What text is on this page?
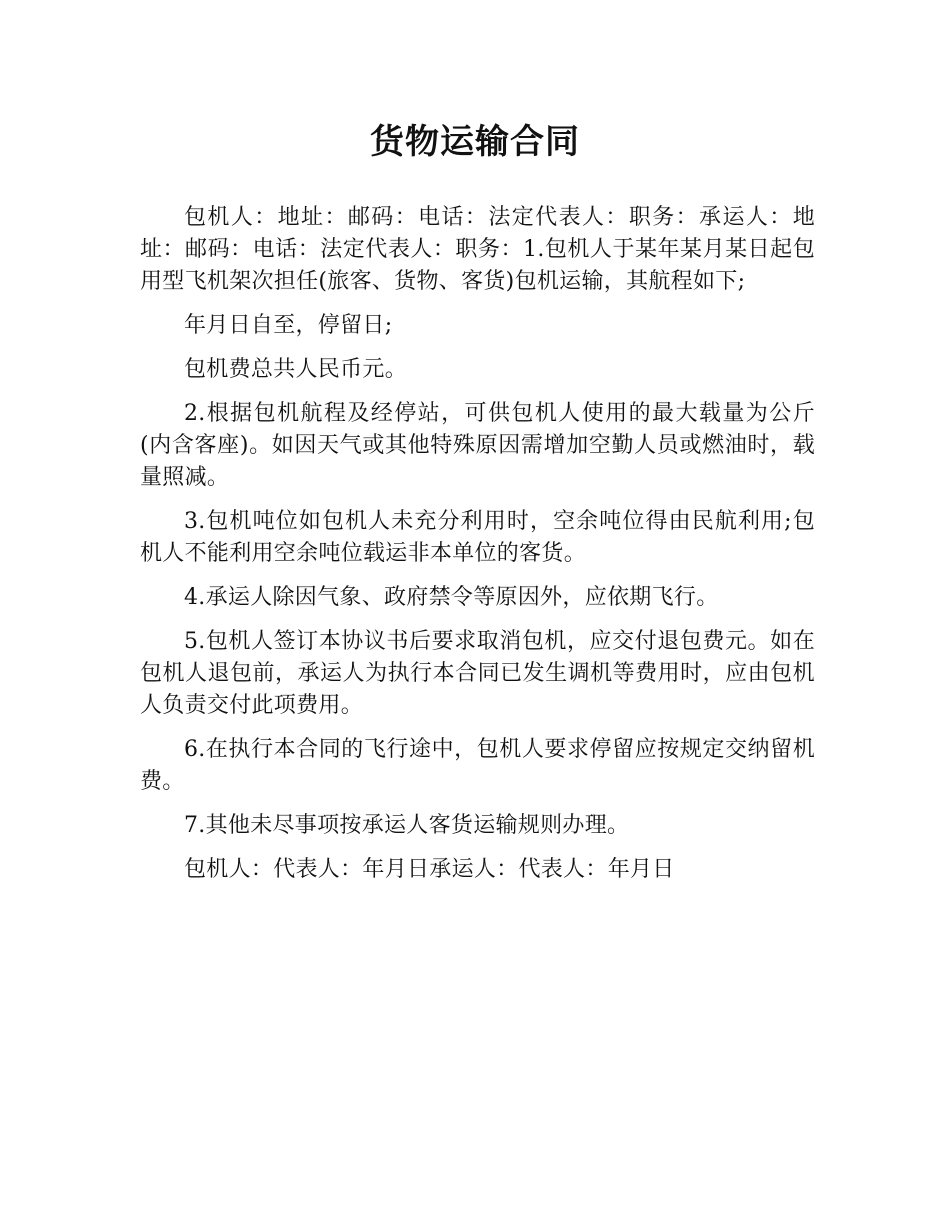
货物运输合同

包机人：地址：邮码：电话：法定代表人：职务：承运人：地址：邮码：电话：法定代表人：职务：1.包机人于某年某月某日起包用型飞机架次担任(旅客、货物、客货)包机运输，其航程如下;

年月日自至，停留日;

包机费总共人民币元。

2.根据包机航程及经停站，可供包机人使用的最大载量为公斤(内含客座)。如因天气或其他特殊原因需增加空勤人员或燃油时，载量照减。

3.包机吨位如包机人未充分利用时，空余吨位得由民航利用;包机人不能利用空余吨位载运非本单位的客货。

4.承运人除因气象、政府禁令等原因外，应依期飞行。

5.包机人签订本协议书后要求取消包机，应交付退包费元。如在包机人退包前，承运人为执行本合同已发生调机等费用时，应由包机人负责交付此项费用。

6.在执行本合同的飞行途中，包机人要求停留应按规定交纳留机费。

7.其他未尽事项按承运人客货运输规则办理。

包机人：代表人：年月日承运人：代表人：年月日
